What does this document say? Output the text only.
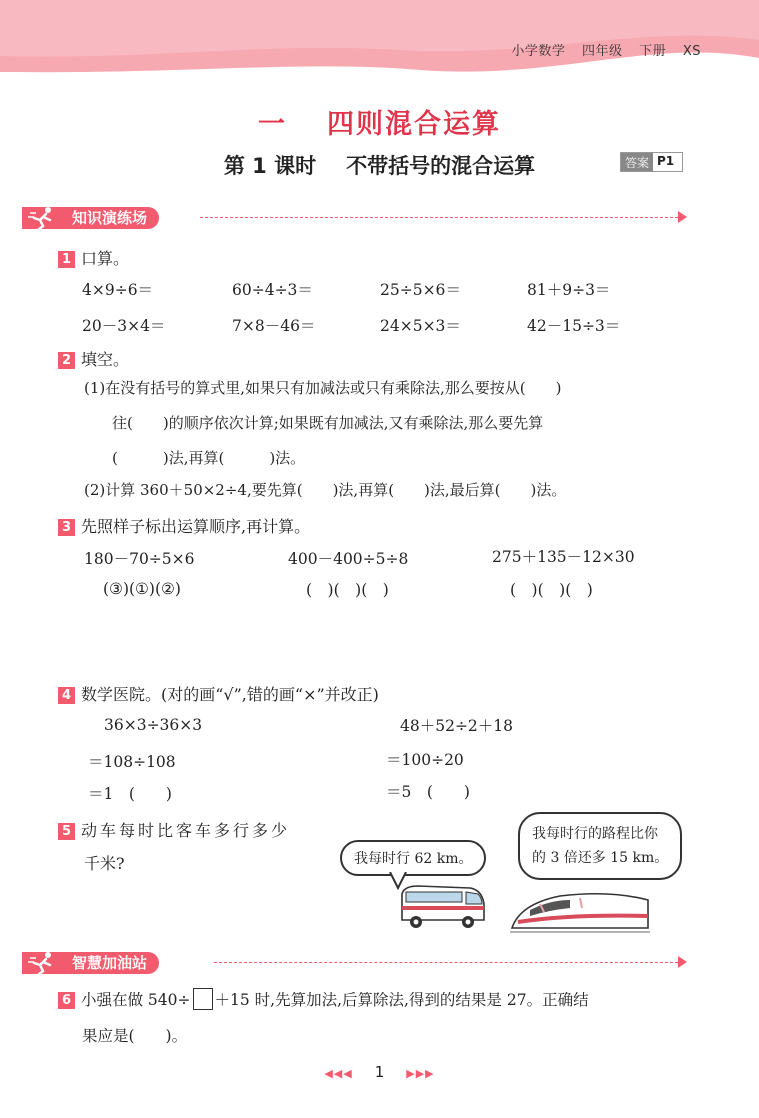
小学数学 四年级 下册 XS
一 四则混合运算
第 1 课时 不带括号的混合运算	答案 P1
知识演练场
1 口算。
4×9÷6＝	60÷4÷3＝	25÷5×6＝	81＋9÷3＝
20－3×4＝	7×8－46＝	24×5×3＝	42－15÷3＝
2 填空。
(1)在没有括号的算式里,如果只有加减法或只有乘除法,那么要按从(　　)
往(　　)的顺序依次计算;如果既有加减法,又有乘除法,那么要先算
(　　　)法,再算(　　　)法。
(2)计算 360＋50×2÷4,要先算(　　)法,再算(　　)法,最后算(　　)法。
3 先照样子标出运算顺序,再计算。
180－70÷5×6	400－400÷5÷8	275＋135－12×30
(③)(①)(②)	(　)(　)(　)	(　)(　)(　)
4 数学医院。(对的画“√”,错的画“×”并改正)
36×3÷36×3
＝108÷108
＝1　(　　)
48＋52÷2＋18
＝100÷20
＝5　(　　)
5 动车每时比客车多行多少
千米?	我每时行 62 km。
我每时行的路程比你
的 3 倍还多 15 km。
智慧加油站
6 小强在做 540÷ ＋15 时,先算加法,后算除法,得到的结果是 27。正确结
果应是(　　)。
◀◀◀ 1 ▶▶▶
